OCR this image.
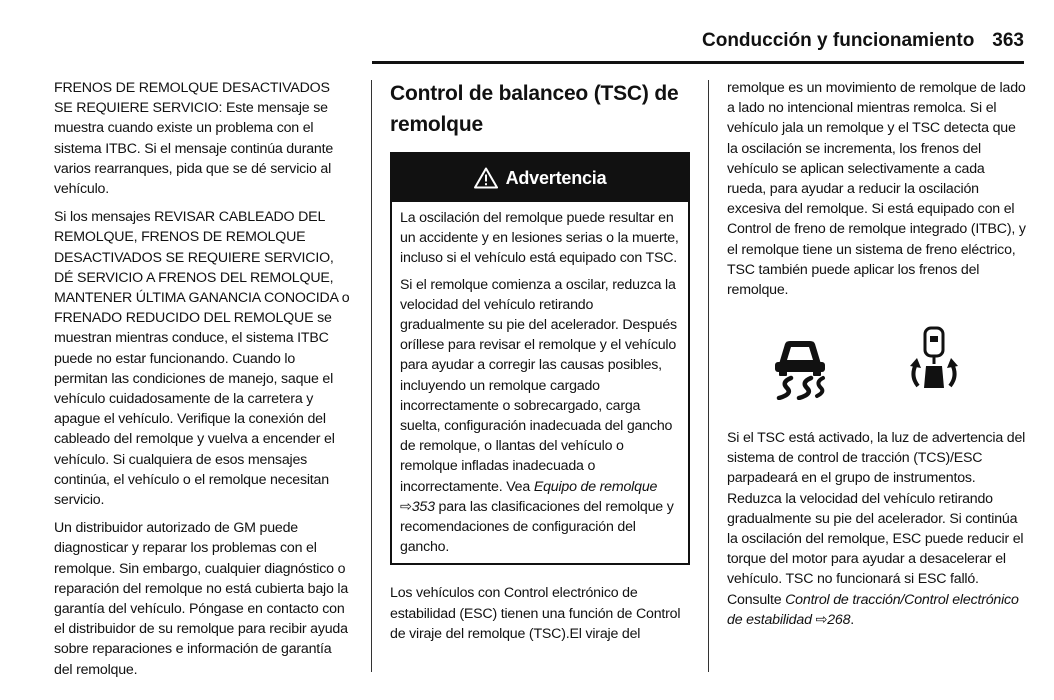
Conducción y funcionamiento 363

FRENOS DE REMOLQUE DESACTIVADOS SE REQUIERE SERVICIO: Este mensaje se muestra cuando existe un problema con el sistema ITBC. Si el mensaje continúa durante varios rearranques, pida que se dé servicio al vehículo.

Si los mensajes REVISAR CABLEADO DEL REMOLQUE, FRENOS DE REMOLQUE DESACTIVADOS SE REQUIERE SERVICIO, DÉ SERVICIO A FRENOS DEL REMOLQUE, MANTENER ÚLTIMA GANANCIA CONOCIDA o FRENADO REDUCIDO DEL REMOLQUE se muestran mientras conduce, el sistema ITBC puede no estar funcionando. Cuando lo permitan las condiciones de manejo, saque el vehículo cuidadosamente de la carretera y apague el vehículo. Verifique la conexión del cableado del remolque y vuelva a encender el vehículo. Si cualquiera de esos mensajes continúa, el vehículo o el remolque necesitan servicio.

Un distribuidor autorizado de GM puede diagnosticar y reparar los problemas con el remolque. Sin embargo, cualquier diagnóstico o reparación del remolque no está cubierta bajo la garantía del vehículo. Póngase en contacto con el distribuidor de su remolque para recibir ayuda sobre reparaciones e información de garantía del remolque.

Control de balanceo (TSC) de remolque
Advertencia

La oscilación del remolque puede resultar en un accidente y en lesiones serias o la muerte, incluso si el vehículo está equipado con TSC.

Si el remolque comienza a oscilar, reduzca la velocidad del vehículo retirando gradualmente su pie del acelerador. Después oríllese para revisar el remolque y el vehículo para ayudar a corregir las causas posibles, incluyendo un remolque cargado incorrectamente o sobrecargado, carga suelta, configuración inadecuada del gancho de remolque, o llantas del vehículo o remolque infladas inadecuada o incorrectamente. Vea Equipo de remolque ⇨353 para las clasificaciones del remolque y recomendaciones de configuración del gancho.

Los vehículos con Control electrónico de estabilidad (ESC) tienen una función de Control de viraje del remolque (TSC).El viraje del

remolque es un movimiento de remolque de lado a lado no intencional mientras remolca. Si el vehículo jala un remolque y el TSC detecta que la oscilación se incrementa, los frenos del vehículo se aplican selectivamente a cada rueda, para ayudar a reducir la oscilación excesiva del remolque. Si está equipado con el Control de freno de remolque integrado (ITBC), y el remolque tiene un sistema de freno eléctrico, TSC también puede aplicar los frenos del remolque.

Si el TSC está activado, la luz de advertencia del sistema de control de tracción (TCS)/ESC parpadeará en el grupo de instrumentos. Reduzca la velocidad del vehículo retirando gradualmente su pie del acelerador. Si continúa la oscilación del remolque, ESC puede reducir el torque del motor para ayudar a desacelerar el vehículo. TSC no funcionará si ESC falló. Consulte Control de tracción/Control electrónico de estabilidad ⇨268.
